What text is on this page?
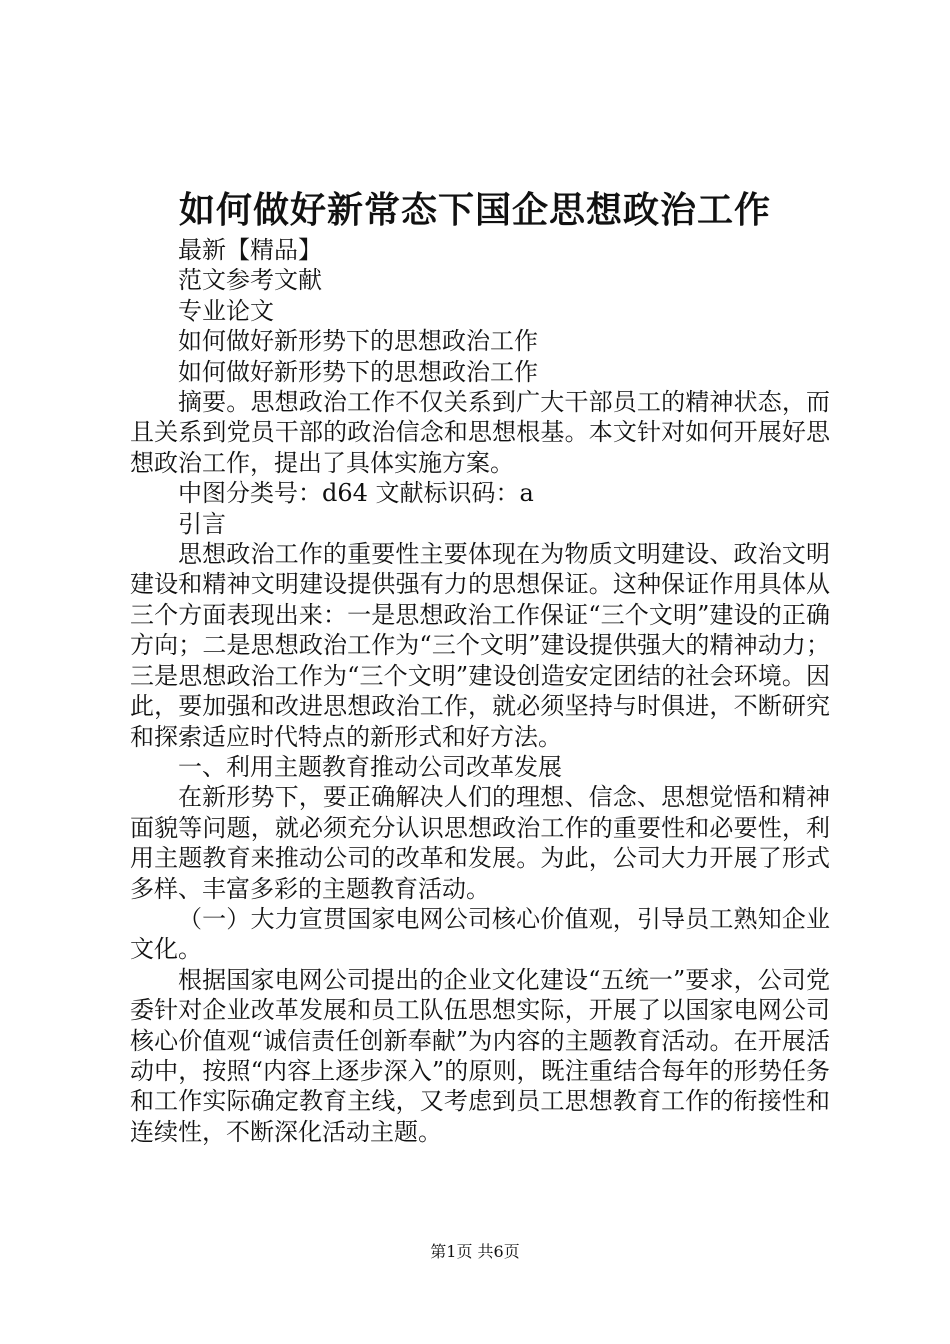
如何做好新常态下国企思想政治工作

最新【精品】

范文参考文献

专业论文

如何做好新形势下的思想政治工作

如何做好新形势下的思想政治工作

摘要。思想政治工作不仅关系到广大干部员工的精神状态，而且关系到党员干部的政治信念和思想根基。本文针对如何开展好思想政治工作，提出了具体实施方案。

中图分类号：d64 文献标识码：a

引言

思想政治工作的重要性主要体现在为物质文明建设、政治文明建设和精神文明建设提供强有力的思想保证。这种保证作用具体从三个方面表现出来：一是思想政治工作保证“三个文明”建设的正确方向；二是思想政治工作为“三个文明”建设提供强大的精神动力；三是思想政治工作为“三个文明”建设创造安定团结的社会环境。因此，要加强和改进思想政治工作，就必须坚持与时俱进，不断研究和探索适应时代特点的新形式和好方法。

一、利用主题教育推动公司改革发展

在新形势下，要正确解决人们的理想、信念、思想觉悟和精神面貌等问题，就必须充分认识思想政治工作的重要性和必要性，利用主题教育来推动公司的改革和发展。为此，公司大力开展了形式多样、丰富多彩的主题教育活动。

（一）大力宣贯国家电网公司核心价值观，引导员工熟知企业文化。

根据国家电网公司提出的企业文化建设“五统一”要求，公司党委针对企业改革发展和员工队伍思想实际，开展了以国家电网公司核心价值观“诚信责任创新奉献”为内容的主题教育活动。在开展活动中，按照“内容上逐步深入”的原则，既注重结合每年的形势任务和工作实际确定教育主线，又考虑到员工思想教育工作的衔接性和连续性，不断深化活动主题。

第1页 共6页
